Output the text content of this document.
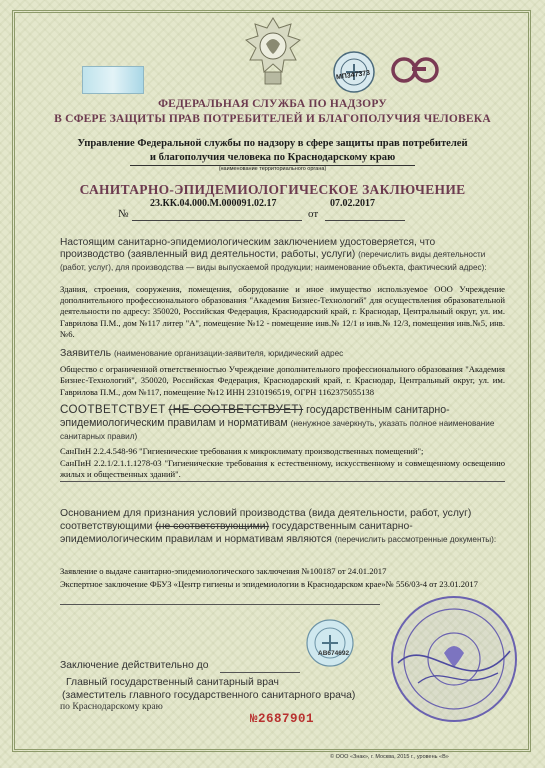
МП347373
ФЕДЕРАЛЬНАЯ СЛУЖБА ПО НАДЗОРУ
В СФЕРЕ ЗАЩИТЫ ПРАВ ПОТРЕБИТЕЛЕЙ И БЛАГОПОЛУЧИЯ ЧЕЛОВЕКА
Управление Федеральной службы по надзору в сфере защиты прав потребителей
и благополучия человека по Краснодарскому краю
(наименование территориального органа)
САНИТАРНО-ЭПИДЕМИОЛОГИЧЕСКОЕ ЗАКЛЮЧЕНИЕ
№
23.КК.04.000.М.000091.02.17
от
07.02.2017
Настоящим санитарно-эпидемиологическим заключением удостоверяется, что производство (заявленный вид деятельности, работы, услуги) (перечислить виды деятельности (работ, услуг), для производства — виды выпускаемой продукции; наименование объекта, фактический адрес):
Здания, строения, сооружения, помещения, оборудование и иное имущество используемое ООО Учреждение дополнительного профессионального образования "Академия Бизнес-Технологий" для осуществления образовательной деятельности по адресу: 350020, Российская Федерация, Краснодарский край, г. Краснодар, Центральный округ, ул. им. Гаврилова П.М., дом №117 литер "А", помещение №12 - помещение инв.№ 12/1 и инв.№ 12/3, помещения инв.№5, инв.№6.
Заявитель (наименование организации-заявителя, юридический адрес
Общество с ограниченной ответственностью Учреждение дополнительного профессионального образования "Академия Бизнес-Технологий", 350020, Российская Федерация, Краснодарский край, г. Краснодар, Центральный округ, ул. им. Гаврилова П.М., дом №117, помещение №12 ИНН 2310196519, ОГРН 1162375055138
СООТВЕТСТВУЕТ (НЕ СООТВЕТСТВУЕТ) государственным санитарно-эпидемиологическим правилам и нормативам (ненужное зачеркнуть, указать полное наименование санитарных правил)
СанПиН 2.2.4.548-96 "Гигиенические требования к микроклимату производственных помещений";
СанПиН 2.2.1/2.1.1.1278-03 "Гигиенические требования к естественному, искусственному и совмещенному освещению жилых и общественных зданий".
Основанием для признания условий производства (вида деятельности, работ, услуг) соответствующими (не соответствующими) государственным санитарно-эпидемиологическим правилам и нормативам являются (перечислить рассмотренные документы):
Заявление о выдаче санитарно-эпидемиологического заключения №100187 от 24.01.2017
Экспертное заключение ФБУЗ «Центр гигиены и эпидемиологии в Краснодарском крае»№ 556/03-4 от 23.01.2017
АВ674692
Заключение действительно до
Главный государственный санитарный врач
(заместитель главного государственного санитарного врача)
по Краснодарскому краю
№2687901
© ООО «Знак», г. Москва, 2015 г., уровень «В»
